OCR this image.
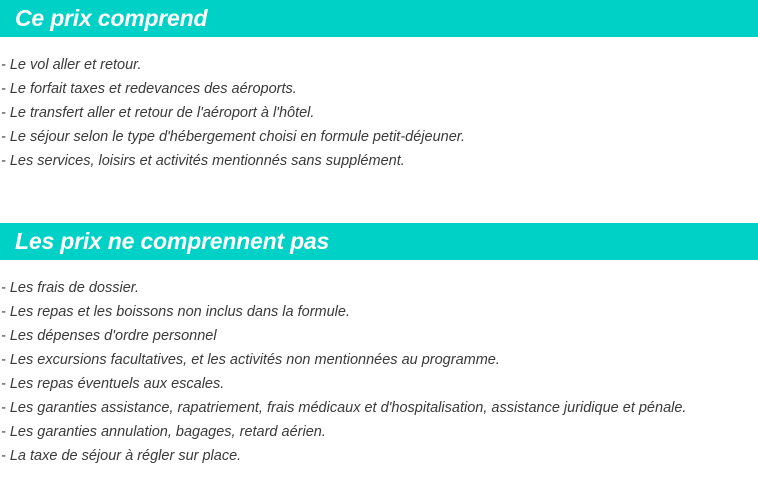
Ce prix comprend
- Le vol aller et retour.
- Le forfait taxes et redevances des aéroports.
- Le transfert aller et retour de l'aéroport à l'hôtel.
- Le séjour selon le type d'hébergement choisi en formule petit-déjeuner.
- Les services, loisirs et activités mentionnés sans supplément.
Les prix ne comprennent pas
- Les frais de dossier.
- Les repas et les boissons non inclus dans la formule.
- Les dépenses d'ordre personnel
- Les excursions facultatives, et les activités non mentionnées au programme.
- Les repas éventuels aux escales.
- Les garanties assistance, rapatriement, frais médicaux et d'hospitalisation, assistance juridique et pénale.
- Les garanties annulation, bagages, retard aérien.
- La taxe de séjour à régler sur place.
